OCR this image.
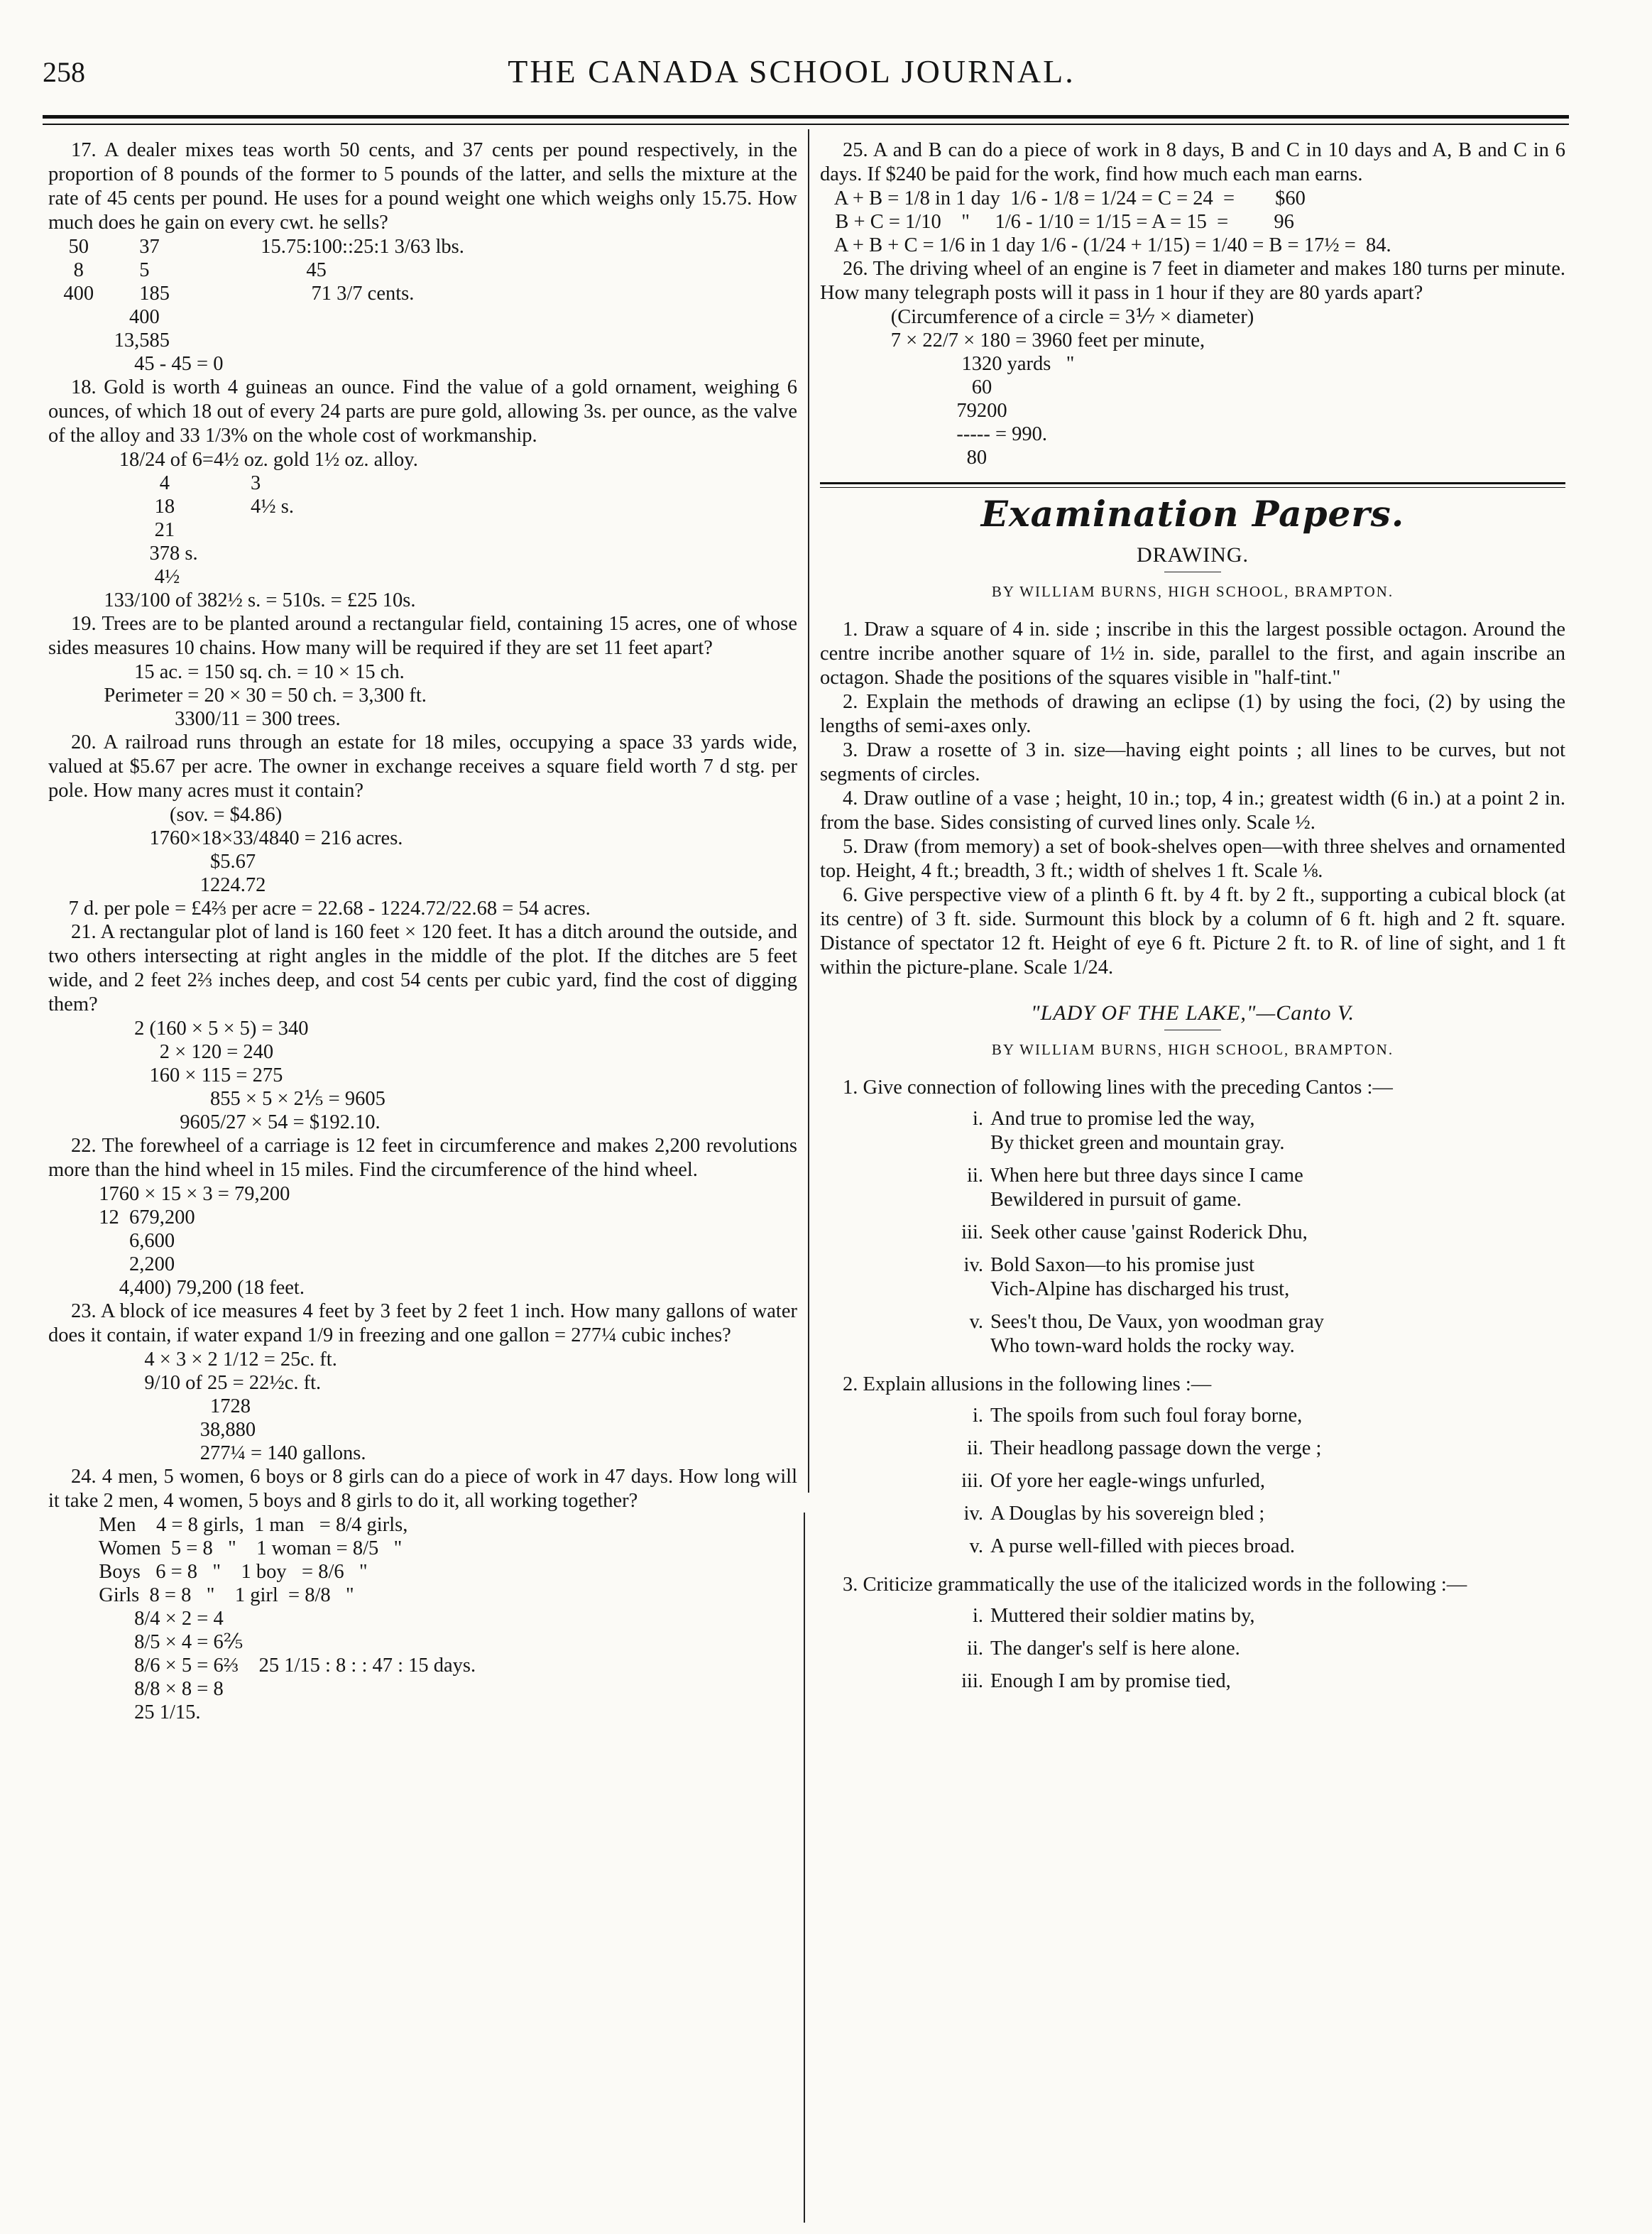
258	THE CANADA SCHOOL JOURNAL.

17. A dealer mixes teas worth 50 cents, and 37 cents per pound respectively, in the proportion of 8 pounds of the former to 5 pounds of the latter, and sells the mixture at the rate of 45 cents per pound. He uses for a pound weight one which weighs only 15.75. How much does he gain on every cwt. he sells?

50          37                    15.75:100::25:1 3/63 lbs.

8           5                               45

400         185                            71 3/7 cents.

400

13,585

45 - 45 = 0

18. Gold is worth 4 guineas an ounce. Find the value of a gold ornament, weighing 6 ounces, of which 18 out of every 24 parts are pure gold, allowing 3s. per ounce, as the valve of the alloy and 33 1/3% on the whole cost of workmanship.

18/24 of 6=4½ oz. gold 1½ oz. alloy.

4                3

18               4½ s.

21

378 s.

4½

133/100 of 382½ s. = 510s. = £25 10s.

19. Trees are to be planted around a rectangular field, containing 15 acres, one of whose sides measures 10 chains. How many will be required if they are set 11 feet apart?

15 ac. = 150 sq. ch. = 10 × 15 ch.

Perimeter = 20 × 30 = 50 ch. = 3,300 ft.

3300/11 = 300 trees.

20. A railroad runs through an estate for 18 miles, occupying a space 33 yards wide, valued at $5.67 per acre. The owner in exchange receives a square field worth 7 d stg. per pole. How many acres must it contain?

(sov. = $4.86)

1760×18×33/4840 = 216 acres.

$5.67

1224.72

7 d. per pole = £4⅔ per acre = 22.68 - 1224.72/22.68 = 54 acres.

21. A rectangular plot of land is 160 feet × 120 feet. It has a ditch around the outside, and two others intersecting at right angles in the middle of the plot. If the ditches are 5 feet wide, and 2 feet 2⅔ inches deep, and cost 54 cents per cubic yard, find the cost of digging them?

2 (160 × 5 × 5) = 340

2 × 120 = 240

160 × 115 = 275

855 × 5 × 2⅕ = 9605

9605/27 × 54 = $192.10.

22. The forewheel of a carriage is 12 feet in circumference and makes 2,200 revolutions more than the hind wheel in 15 miles. Find the circumference of the hind wheel.

1760 × 15 × 3 = 79,200

12  679,200

6,600

2,200

4,400) 79,200 (18 feet.

23. A block of ice measures 4 feet by 3 feet by 2 feet 1 inch. How many gallons of water does it contain, if water expand 1/9 in freezing and one gallon = 277¼ cubic inches?

4 × 3 × 2 1/12 = 25c. ft.

9/10 of 25 = 22½c. ft.

1728

38,880

277¼ = 140 gallons.

24. 4 men, 5 women, 6 boys or 8 girls can do a piece of work in 47 days. How long will it take 2 men, 4 women, 5 boys and 8 girls to do it, all working together?

Men    4 = 8 girls,  1 man   = 8/4 girls,

Women  5 = 8   "    1 woman = 8/5   "

Boys   6 = 8   "    1 boy   = 8/6   "

Girls  8 = 8   "    1 girl  = 8/8   "

8/4 × 2 = 4

8/5 × 4 = 6⅖

8/6 × 5 = 6⅔    25 1/15 : 8 : : 47 : 15 days.

8/8 × 8 = 8

25 1/15.

25. A and B can do a piece of work in 8 days, B and C in 10 days and A, B and C in 6 days. If $240 be paid for the work, find how much each man earns.

A + B = 1/8 in 1 day  1/6 - 1/8 = 1/24 = C = 24  =        $60

B + C = 1/10    "     1/6 - 1/10 = 1/15 = A = 15  =         96

A + B + C = 1/6 in 1 day 1/6 - (1/24 + 1/15) = 1/40 = B = 17½ =  84.

26. The driving wheel of an engine is 7 feet in diameter and makes 180 turns per minute. How many telegraph posts will it pass in 1 hour if they are 80 yards apart?

(Circumference of a circle = 3⅐ × diameter)

7 × 22/7 × 180 = 3960 feet per minute,

1320 yards   "

60

79200

----- = 990.

80

Examination Papers.
DRAWING.
BY WILLIAM BURNS, HIGH SCHOOL, BRAMPTON.

1. Draw a square of 4 in. side ; inscribe in this the largest possible octagon. Around the centre incribe another square of 1½ in. side, parallel to the first, and again inscribe an octagon. Shade the positions of the squares visible in "half-tint."

2. Explain the methods of drawing an eclipse (1) by using the foci, (2) by using the lengths of semi-axes only.

3. Draw a rosette of 3 in. size—having eight points ; all lines to be curves, but not segments of circles.

4. Draw outline of a vase ; height, 10 in.; top, 4 in.; greatest width (6 in.) at a point 2 in. from the base. Sides consisting of curved lines only. Scale ½.

5. Draw (from memory) a set of book-shelves open—with three shelves and ornamented top. Height, 4 ft.; breadth, 3 ft.; width of shelves 1 ft. Scale ⅛.

6. Give perspective view of a plinth 6 ft. by 4 ft. by 2 ft., supporting a cubical block (at its centre) of 3 ft. side. Surmount this block by a column of 6 ft. high and 2 ft. square. Distance of spectator 12 ft. Height of eye 6 ft. Picture 2 ft. to R. of line of sight, and 1 ft within the picture-plane. Scale 1/24.

"LADY OF THE LAKE,"—Canto V.
BY WILLIAM BURNS, HIGH SCHOOL, BRAMPTON.

1. Give connection of following lines with the preceding Cantos :—

i. And true to promise led the way,
By thicket green and mountain gray.
ii. When here but three days since I came
Bewildered in pursuit of game.
iii. Seek other cause 'gainst Roderick Dhu,
iv. Bold Saxon—to his promise just
Vich-Alpine has discharged his trust,
v. Sees't thou, De Vaux, yon woodman gray
Who town-ward holds the rocky way.

2. Explain allusions in the following lines :—

i. The spoils from such foul foray borne,
ii. Their headlong passage down the verge ;
iii. Of yore her eagle-wings unfurled,
iv. A Douglas by his sovereign bled ;
v. A purse well-filled with pieces broad.

3. Criticize grammatically the use of the italicized words in the following :—

i. Muttered their soldier matins by,
ii. The danger's self is here alone.
iii. Enough I am by promise tied,
